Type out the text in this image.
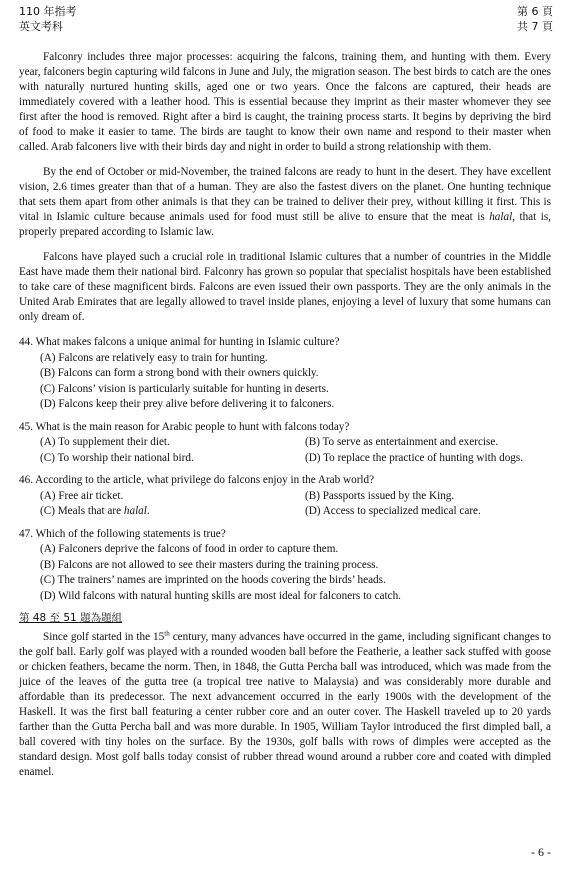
110 年指考
英文考科
第 6 頁
共 7 頁

Falconry includes three major processes: acquiring the falcons, training them, and hunting with them. Every year, falconers begin capturing wild falcons in June and July, the migration season. The best birds to catch are the ones with naturally nurtured hunting skills, aged one or two years. Once the falcons are captured, their heads are immediately covered with a leather hood. This is essential because they imprint as their master whomever they see first after the hood is removed. Right after a bird is caught, the training process starts. It begins by depriving the bird of food to make it easier to tame. The birds are taught to know their own name and respond to their master when called. Arab falconers live with their birds day and night in order to build a strong relationship with them.

By the end of October or mid-November, the trained falcons are ready to hunt in the desert. They have excellent vision, 2.6 times greater than that of a human. They are also the fastest divers on the planet. One hunting technique that sets them apart from other animals is that they can be trained to deliver their prey, without killing it first. This is vital in Islamic culture because animals used for food must still be alive to ensure that the meat is halal, that is, properly prepared according to Islamic law.

Falcons have played such a crucial role in traditional Islamic cultures that a number of countries in the Middle East have made them their national bird. Falconry has grown so popular that specialist hospitals have been established to take care of these magnificent birds. Falcons are even issued their own passports. They are the only animals in the United Arab Emirates that are legally allowed to travel inside planes, enjoying a level of luxury that some humans can only dream of.

44. What makes falcons a unique animal for hunting in Islamic culture?
(A) Falcons are relatively easy to train for hunting.
(B) Falcons can form a strong bond with their owners quickly.
(C) Falcons’ vision is particularly suitable for hunting in deserts.
(D) Falcons keep their prey alive before delivering it to falconers.
45. What is the main reason for Arabic people to hunt with falcons today?
(A) To supplement their diet.	(B) To serve as entertainment and exercise.
(C) To worship their national bird.	(D) To replace the practice of hunting with dogs.
46. According to the article, what privilege do falcons enjoy in the Arab world?
(A) Free air ticket.	(B) Passports issued by the King.
(C) Meals that are halal.	(D) Access to specialized medical care.
47. Which of the following statements is true?
(A) Falconers deprive the falcons of food in order to capture them.
(B) Falcons are not allowed to see their masters during the training process.
(C) The trainers’ names are imprinted on the hoods covering the birds’ heads.
(D) Wild falcons with natural hunting skills are most ideal for falconers to catch.
第 48 至 51 題為題組

Since golf started in the 15th century, many advances have occurred in the game, including significant changes to the golf ball. Early golf was played with a rounded wooden ball before the Featherie, a leather sack stuffed with goose or chicken feathers, became the norm. Then, in 1848, the Gutta Percha ball was introduced, which was made from the juice of the leaves of the gutta tree (a tropical tree native to Malaysia) and was considerably more durable and affordable than its predecessor. The next advancement occurred in the early 1900s with the development of the Haskell. It was the first ball featuring a center rubber core and an outer cover. The Haskell traveled up to 20 yards farther than the Gutta Percha ball and was more durable. In 1905, William Taylor introduced the first dimpled ball, a ball covered with tiny holes on the surface. By the 1930s, golf balls with rows of dimples were accepted as the standard design. Most golf balls today consist of rubber thread wound around a rubber core and coated with dimpled enamel.

- 6 -
